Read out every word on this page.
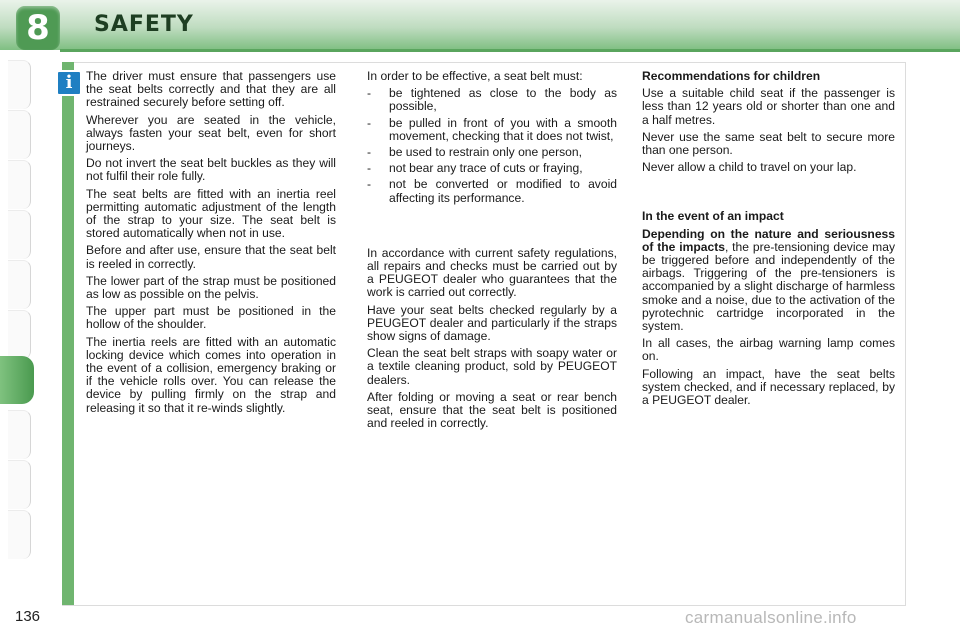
8	SAFETY
i	The driver must ensure that passengers use the seat belts correctly and that they are all restrained securely before setting off.

Wherever you are seated in the vehicle, always fasten your seat belt, even for short journeys.

Do not invert the seat belt buckles as they will not fulfil their role fully.

The seat belts are fitted with an inertia reel permitting automatic adjustment of the length of the strap to your size. The seat belt is stored automatically when not in use.

Before and after use, ensure that the seat belt is reeled in correctly.

The lower part of the strap must be positioned as low as possible on the pelvis.

The upper part must be positioned in the hollow of the shoulder.

The inertia reels are fitted with an automatic locking device which comes into operation in the event of a collision, emergency braking or if the vehicle rolls over. You can release the device by pulling firmly on the strap and releasing it so that it re-winds slightly.

In order to be effective, a seat belt must:

- be tightened as close to the body as possible,
- be pulled in front of you with a smooth movement, checking that it does not twist,
- be used to restrain only one person,
- not bear any trace of cuts or fraying,
- not be converted or modified to avoid affecting its performance.

In accordance with current safety regulations, all repairs and checks must be carried out by a PEUGEOT dealer who guarantees that the work is carried out correctly.

Have your seat belts checked regularly by a PEUGEOT dealer and particularly if the straps show signs of damage.

Clean the seat belt straps with soapy water or a textile cleaning product, sold by PEUGEOT dealers.

After folding or moving a seat or rear bench seat, ensure that the seat belt is positioned and reeled in correctly.

Recommendations for children

Use a suitable child seat if the passenger is less than 12 years old or shorter than one and a half metres.

Never use the same seat belt to secure more than one person.

Never allow a child to travel on your lap.

In the event of an impact

Depending on the nature and seriousness of the impacts, the pre-tensioning device may be triggered before and independently of the airbags. Triggering of the pre-tensioners is accompanied by a slight discharge of harmless smoke and a noise, due to the activation of the pyrotechnic cartridge incorporated in the system.

In all cases, the airbag warning lamp comes on.

Following an impact, have the seat belts system checked, and if necessary replaced, by a PEUGEOT dealer.

136	carmanualsonline.info
